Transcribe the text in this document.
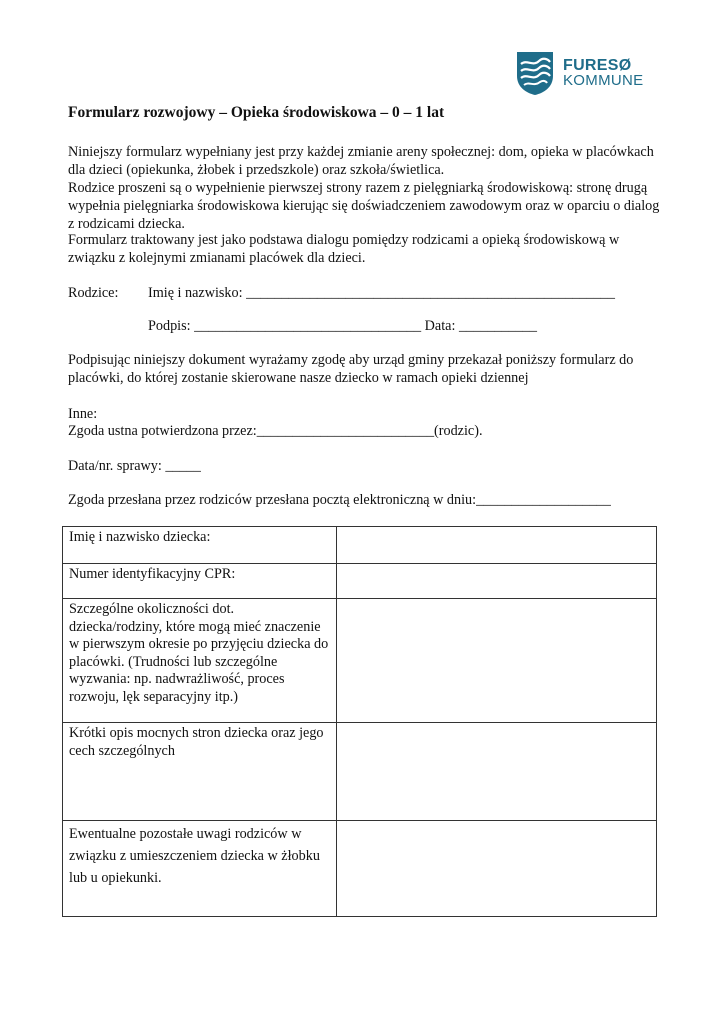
FURESØ
KOMMUNE
Formularz rozwojowy – Opieka środowiskowa – 0 – 1 lat

Niniejszy formularz wypełniany jest przy każdej zmianie areny społecznej: dom, opieka w placówkach dla dzieci (opiekunka, żłobek i przedszkole) oraz szkoła/świetlica.

Rodzice proszeni są o wypełnienie pierwszej strony razem z pielęgniarką środowiskową: stronę drugą wypełnia pielęgniarka środowiskowa kierując się doświadczeniem zawodowym oraz w oparciu o dialog z rodzicami dziecka.

Formularz traktowany jest jako podstawa dialogu pomiędzy rodzicami a opieką środowiskową w związku z kolejnymi zmianami placówek dla dzieci.

Rodzice: Imię i nazwisko: ____________________________________________________
Podpis: ________________________________ Data: ___________

Podpisując niniejszy dokument wyrażamy zgodę aby urząd gminy przekazał poniższy formularz do placówki, do której zostanie skierowane nasze dziecko w ramach opieki dziennej

Inne:
Zgoda ustna potwierdzona przez:_________________________(rodzic).
Data/nr. sprawy: _____
Zgoda przesłana przez rodziców przesłana pocztą elektroniczną w dniu:___________________
Imię i nazwisko dziecka:	
Numer identyfikacyjny CPR:	
Szczególne okoliczności dot. dziecka/rodziny, które mogą mieć znaczenie w pierwszym okresie po przyjęciu dziecka do placówki. (Trudności lub szczególne wyzwania: np. nadwrażliwość, proces rozwoju, lęk separacyjny itp.)	
Krótki opis mocnych stron dziecka oraz jego cech szczególnych	
Ewentualne pozostałe uwagi rodziców w związku z umieszczeniem dziecka w żłobku lub u opiekunki.	
